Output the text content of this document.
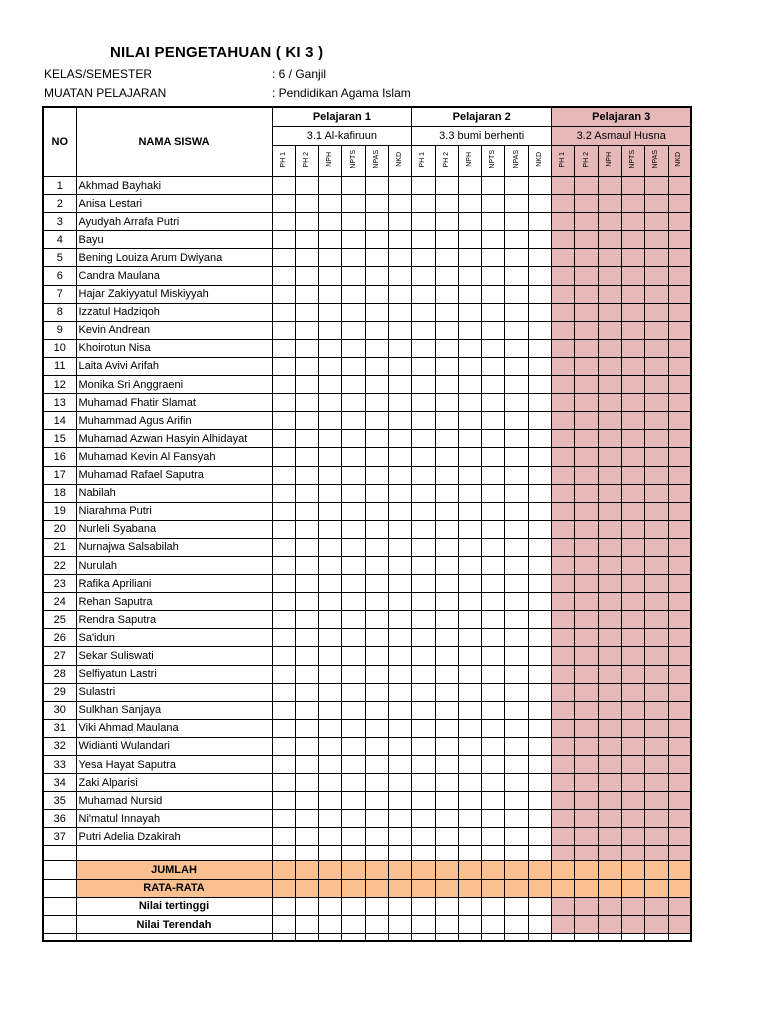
NILAI PENGETAHUAN ( KI 3 )
KELAS/SEMESTER	: 6 / Ganjil
MUATAN PELAJARAN	: Pendidikan Agama Islam
NO	NAMA SISWA	Pelajaran 1						Pelajaran 2						Pelajaran 3					
		3.1 Al-kafiruun						3.3 bumi berhenti						3.2 Asmaul Husna					
		PH 1	PH 2	NPH	NPTS	NPAS	NKD	PH 1	PH 2	NPH	NPTS	NPAS	NKD	PH 1	PH 2	NPH	NPTS	NPAS	NKD
1	Akhmad Bayhaki																		
2	Anisa Lestari																		
3	Ayudyah Arrafa Putri																		
4	Bayu																		
5	Bening Louiza Arum Dwiyana																		
6	Candra Maulana																		
7	Hajar Zakiyyatul Miskiyyah																		
8	Izzatul Hadziqoh																		
9	Kevin Andrean																		
10	Khoirotun Nisa																		
11	Laita Avivi Arifah																		
12	Monika Sri Anggraeni																		
13	Muhamad Fhatir Slamat																		
14	Muhammad Agus Arifin																		
15	Muhamad Azwan Hasyin Alhidayat																		
16	Muhamad Kevin Al Fansyah																		
17	Muhamad Rafael Saputra																		
18	Nabilah																		
19	Niarahma Putri																		
20	Nurleli Syabana																		
21	Nurnajwa Salsabilah																		
22	Nurulah																		
23	Rafika Apriliani																		
24	Rehan Saputra																		
25	Rendra Saputra																		
26	Sa'idun																		
27	Sekar Suliswati																		
28	Selfiyatun Lastri																		
29	Sulastri																		
30	Sulkhan Sanjaya																		
31	Viki Ahmad Maulana																		
32	Widianti Wulandari																		
33	Yesa Hayat Saputra																		
34	Zaki Alparisi																		
35	Muhamad Nursid																		
36	Ni'matul Innayah																		
37	Putri Adelia Dzakirah																		

	JUMLAH																		
	RATA-RATA																		
	Nilai tertinggi																		
	Nilai Terendah																		
